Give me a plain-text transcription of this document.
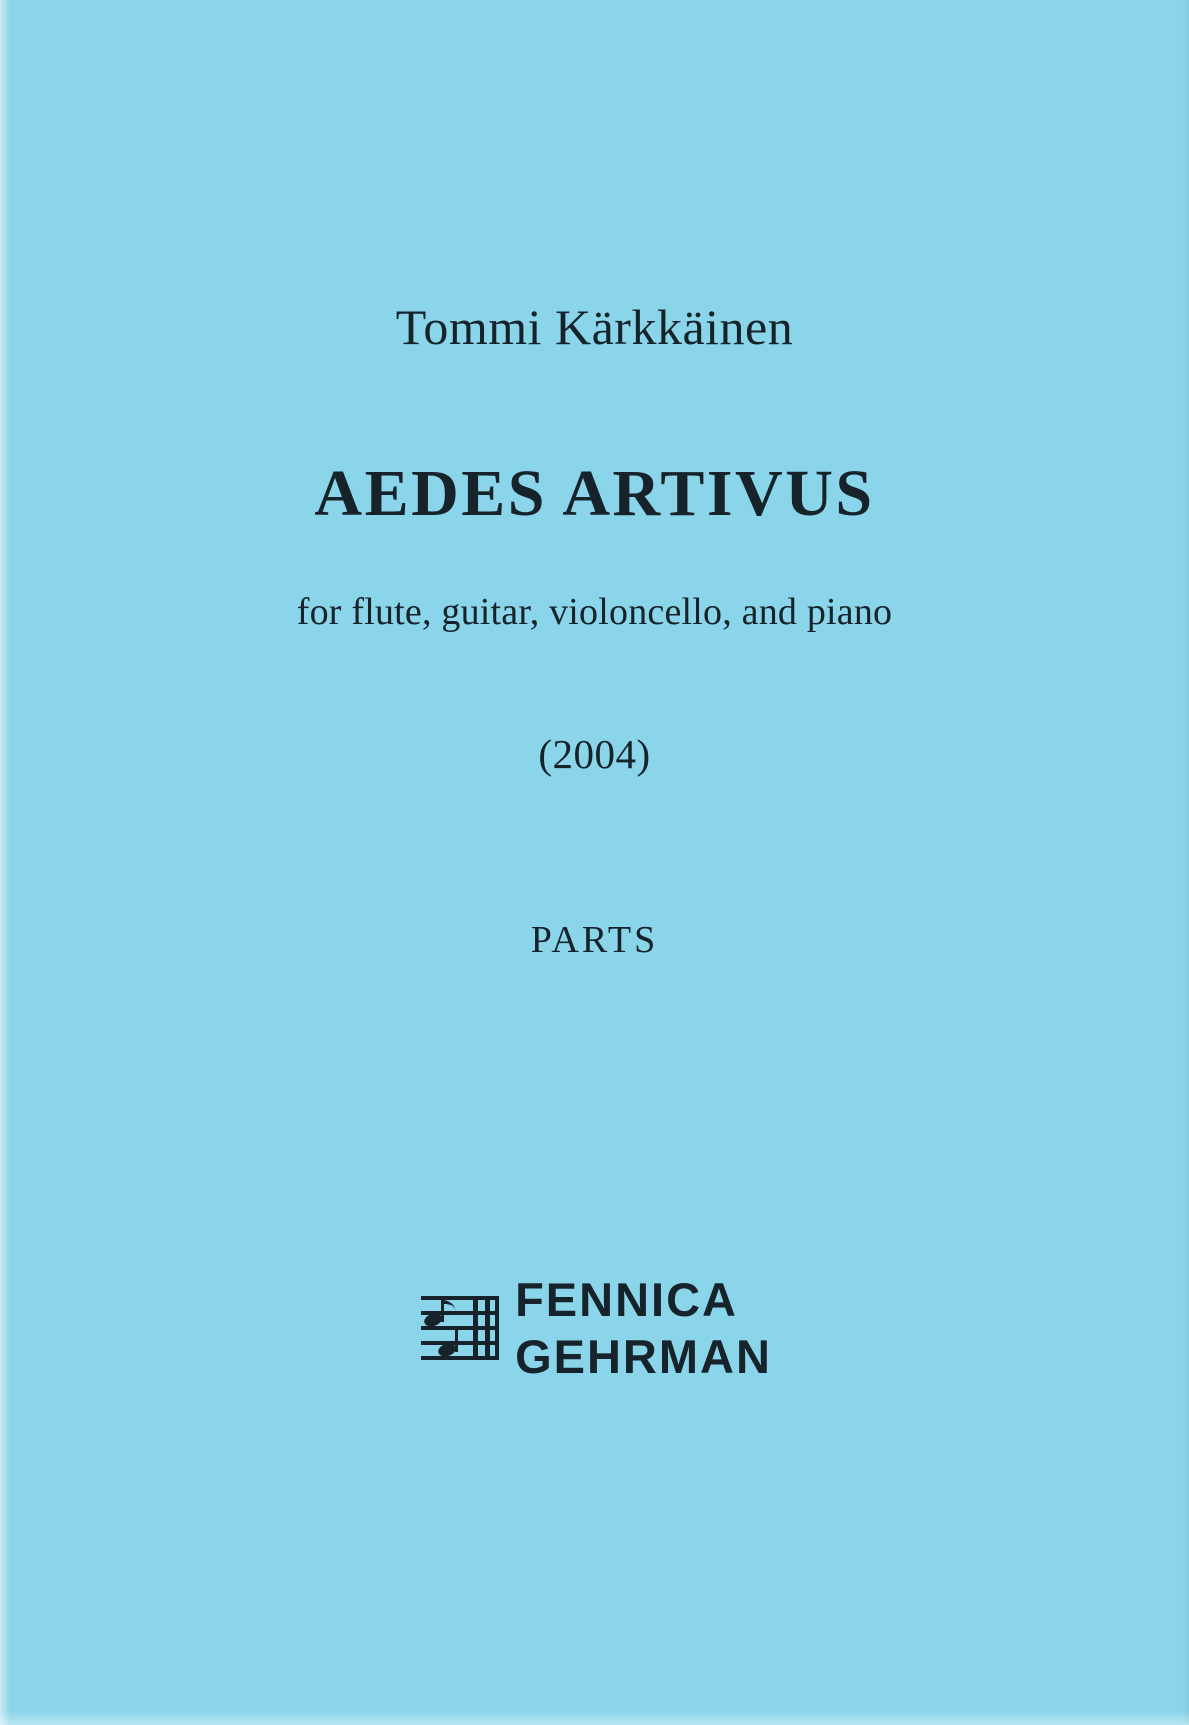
Tommi Kärkkäinen
AEDES ARTIVUS
for flute, guitar, violoncello, and piano
(2004)
PARTS
FENNICA
GEHRMAN
